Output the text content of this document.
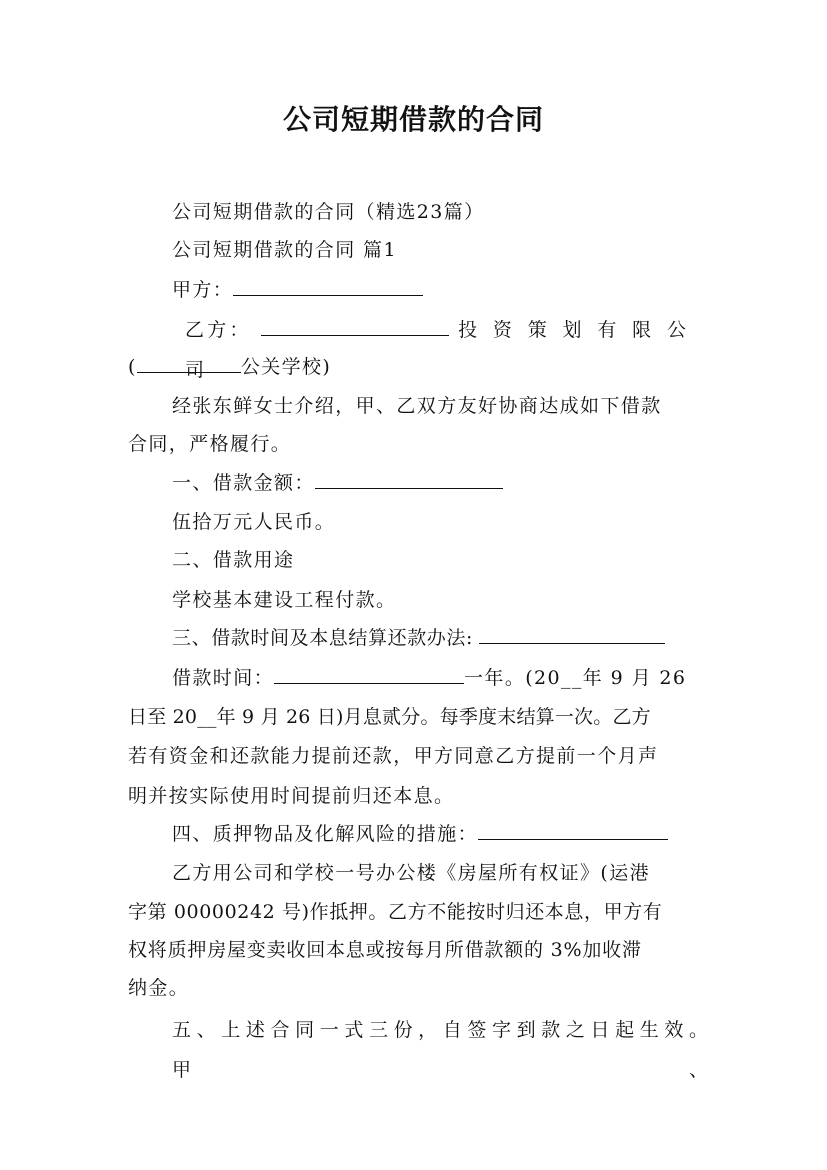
公司短期借款的合同
公司短期借款的合同（精选23篇）
公司短期借款的合同 篇1
甲方：
乙方：	投资策划有限公司
(	公关学校)
经张东鲜女士介绍，甲、乙双方友好协商达成如下借款
合同，严格履行。
一、借款金额：
伍拾万元人民币。
二、借款用途
学校基本建设工程付款。
三、借款时间及本息结算还款办法:
借款时间：	一年。(20__年 9 月 26
日至 20__年 9 月 26 日)月息贰分。每季度末结算一次。乙方
若有资金和还款能力提前还款，甲方同意乙方提前一个月声
明并按实际使用时间提前归还本息。
四、质押物品及化解风险的措施：
乙方用公司和学校一号办公楼《房屋所有权证》(运港
字第 00000242 号)作抵押。乙方不能按时归还本息，甲方有
权将质押房屋变卖收回本息或按每月所借款额的 3%加收滞
纳金。
五、上述合同一式三份，自签字到款之日起生效。甲、
